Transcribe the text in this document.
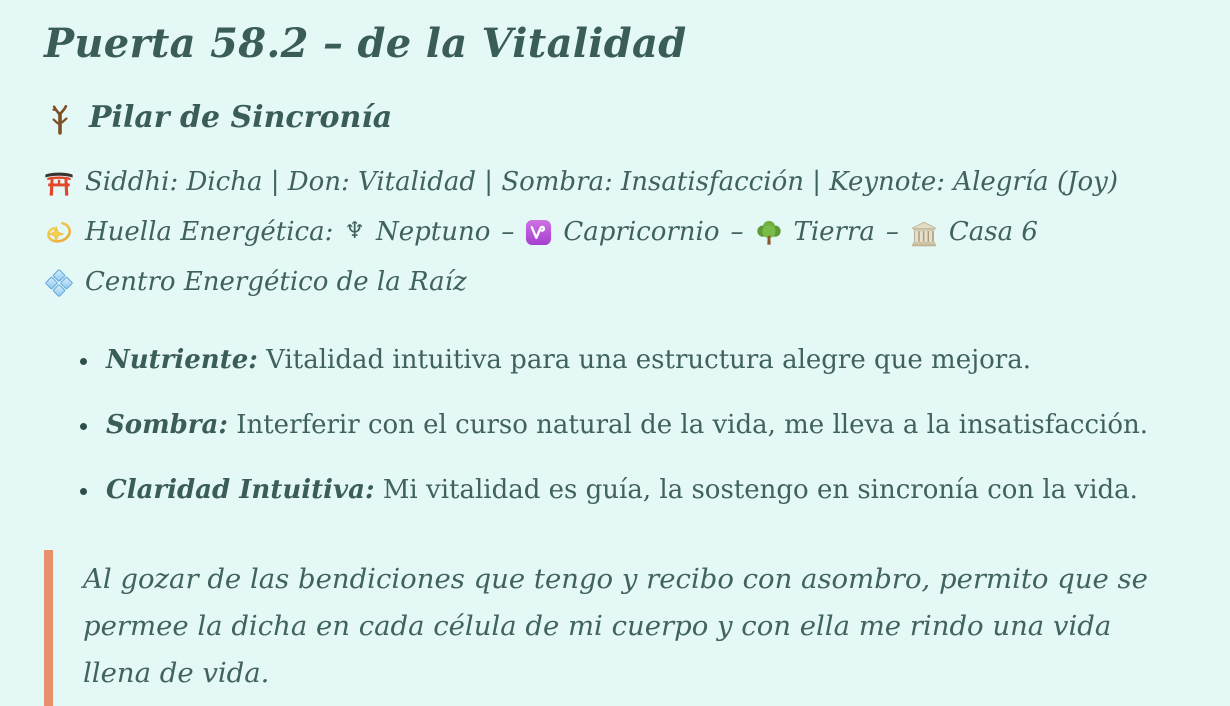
Puerta 58.2 – de la Vitalidad
Pilar de Sincronía

Siddhi: Dicha | Don: Vitalidad | Sombra: Insatisfacción | Keynote: Alegría (Joy)

Huella Energética: ♆ Neptuno – Capricornio – Tierra – Casa 6

Centro Energético de la Raíz

• Nutriente: Vitalidad intuitiva para una estructura alegre que mejora.
• Sombra: Interferir con el curso natural de la vida, me lleva a la insatisfacción.
• Claridad Intuitiva: Mi vitalidad es guía, la sostengo en sincronía con la vida.

Al gozar de las bendiciones que tengo y recibo con asombro, permito que se permee la dicha en cada célula de mi cuerpo y con ella me rindo una vida llena de vida.
